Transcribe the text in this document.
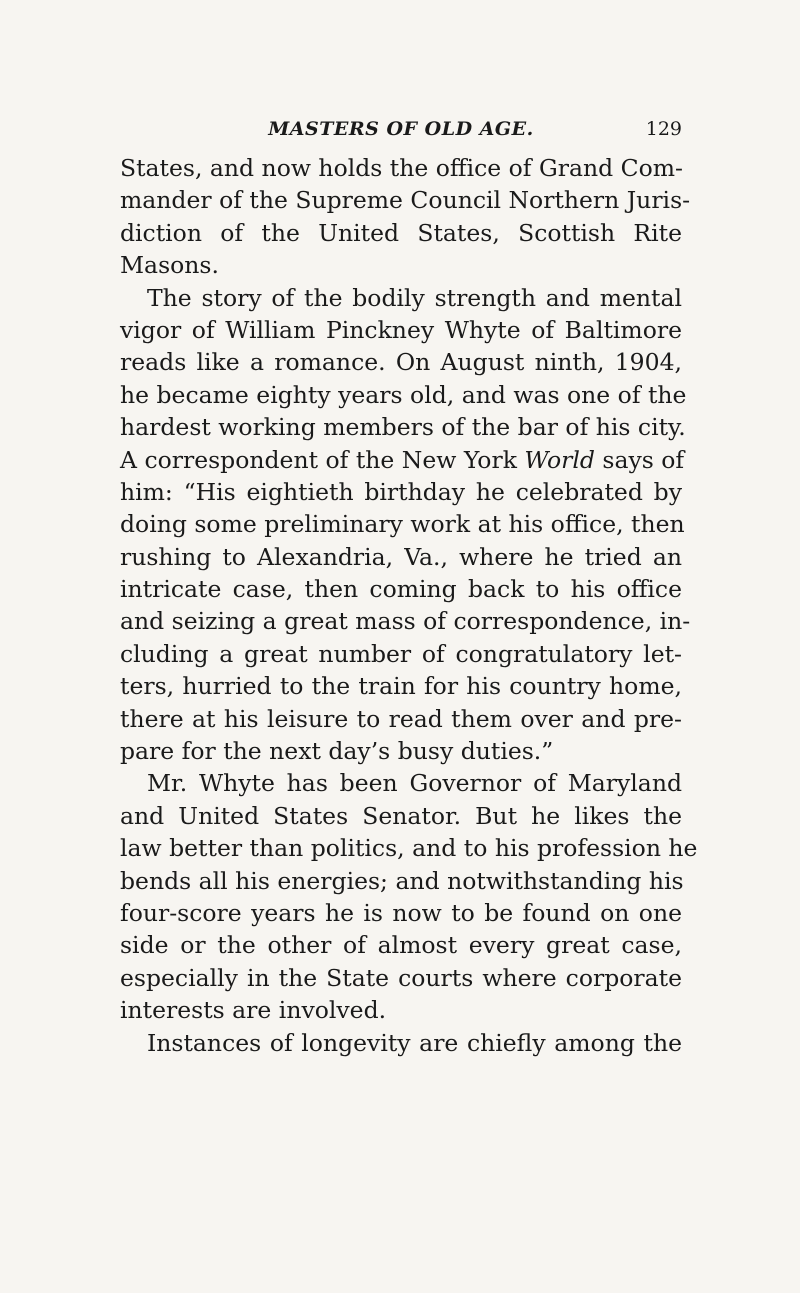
MASTERS OF OLD AGE.	129
States, and now holds the office of Grand Com-
mander of the Supreme Council Northern Juris-
diction of the United States, Scottish Rite
Masons.
The story of the bodily strength and mental
vigor of William Pinckney Whyte of Baltimore
reads like a romance. On August ninth, 1904,
he became eighty years old, and was one of the
hardest working members of the bar of his city.
A correspondent of the New York World says of
him: “His eightieth birthday he celebrated by
doing some preliminary work at his office, then
rushing to Alexandria, Va., where he tried an
intricate case, then coming back to his office
and seizing a great mass of correspondence, in-
cluding a great number of congratulatory let-
ters, hurried to the train for his country home,
there at his leisure to read them over and pre-
pare for the next day’s busy duties.”
Mr. Whyte has been Governor of Maryland
and United States Senator. But he likes the
law better than politics, and to his profession he
bends all his energies; and notwithstanding his
four-score years he is now to be found on one
side or the other of almost every great case,
especially in the State courts where corporate
interests are involved.
Instances of longevity are chiefly among the
